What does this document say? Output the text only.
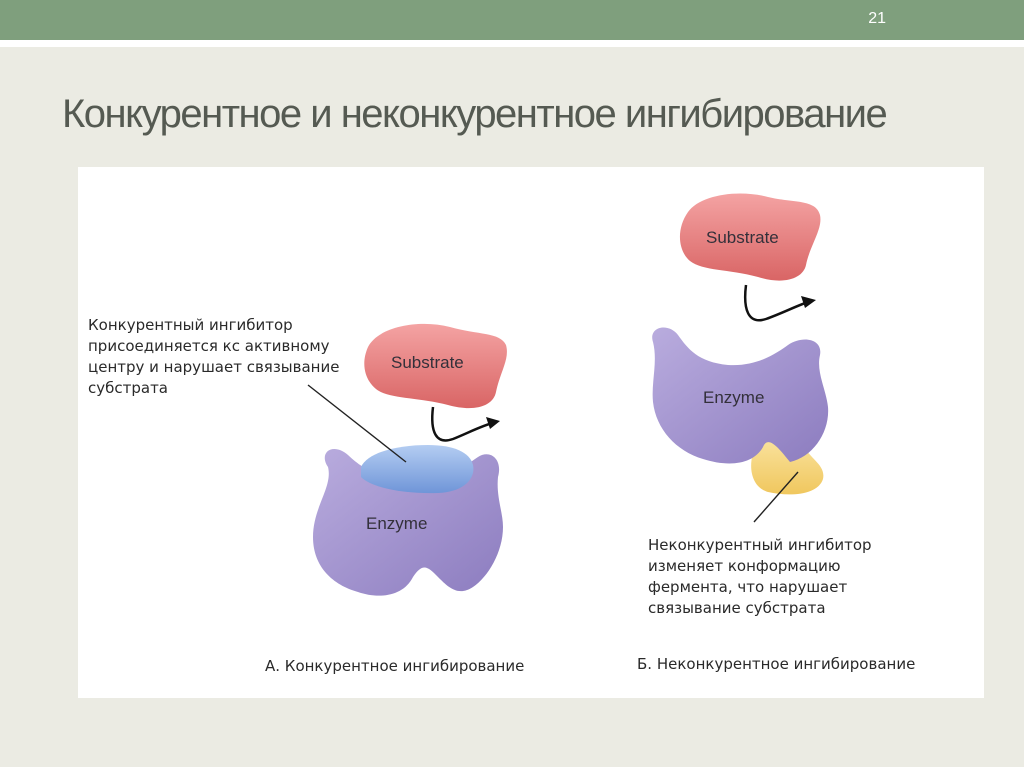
21
Конкурентное и неконкурентное ингибирование
Enzyme
Substrate
Enzyme
Substrate
Конкурентный ингибитор присоединяется кс активному центру и нарушает связывание субстрата
Неконкурентный ингибитор изменяет конформацию фермента, что нарушает связывание субстрата
А. Конкурентное ингибирование	Б. Неконкурентное ингибирование
